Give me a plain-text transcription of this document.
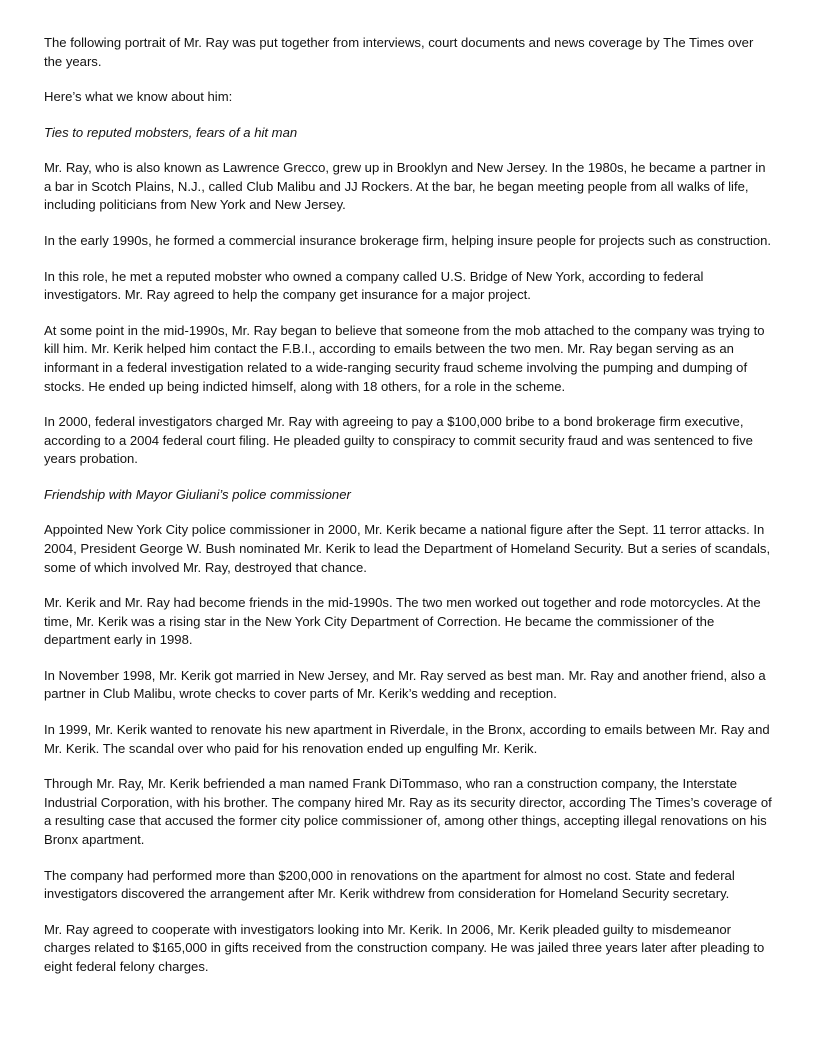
The following portrait of Mr. Ray was put together from interviews, court documents and news coverage by The Times over the years.

Here’s what we know about him:

Ties to reputed mobsters, fears of a hit man

Mr. Ray, who is also known as Lawrence Grecco, grew up in Brooklyn and New Jersey. In the 1980s, he became a partner in a bar in Scotch Plains, N.J., called Club Malibu and JJ Rockers. At the bar, he began meeting people from all walks of life, including politicians from New York and New Jersey.

In the early 1990s, he formed a commercial insurance brokerage firm, helping insure people for projects such as construction.

In this role, he met a reputed mobster who owned a company called U.S. Bridge of New York, according to federal investigators. Mr. Ray agreed to help the company get insurance for a major project.

At some point in the mid-1990s, Mr. Ray began to believe that someone from the mob attached to the company was trying to kill him. Mr. Kerik helped him contact the F.B.I., according to emails between the two men. Mr. Ray began serving as an informant in a federal investigation related to a wide-ranging security fraud scheme involving the pumping and dumping of stocks. He ended up being indicted himself, along with 18 others, for a role in the scheme.

In 2000, federal investigators charged Mr. Ray with agreeing to pay a $100,000 bribe to a bond brokerage firm executive, according to a 2004 federal court filing. He pleaded guilty to conspiracy to commit security fraud and was sentenced to five years probation.

Friendship with Mayor Giuliani’s police commissioner

Appointed New York City police commissioner in 2000, Mr. Kerik became a national figure after the Sept. 11 terror attacks. In 2004, President George W. Bush nominated Mr. Kerik to lead the Department of Homeland Security. But a series of scandals, some of which involved Mr. Ray, destroyed that chance.

Mr. Kerik and Mr. Ray had become friends in the mid-1990s. The two men worked out together and rode motorcycles. At the time, Mr. Kerik was a rising star in the New York City Department of Correction. He became the commissioner of the department early in 1998.

In November 1998, Mr. Kerik got married in New Jersey, and Mr. Ray served as best man. Mr. Ray and another friend, also a partner in Club Malibu, wrote checks to cover parts of Mr. Kerik’s wedding and reception.

In 1999, Mr. Kerik wanted to renovate his new apartment in Riverdale, in the Bronx, according to emails between Mr. Ray and Mr. Kerik. The scandal over who paid for his renovation ended up engulfing Mr. Kerik.

Through Mr. Ray, Mr. Kerik befriended a man named Frank DiTommaso, who ran a construction company, the Interstate Industrial Corporation, with his brother. The company hired Mr. Ray as its security director, according The Times’s coverage of a resulting case that accused the former city police commissioner of, among other things, accepting illegal renovations on his Bronx apartment.

The company had performed more than $200,000 in renovations on the apartment for almost no cost. State and federal investigators discovered the arrangement after Mr. Kerik withdrew from consideration for Homeland Security secretary.

Mr. Ray agreed to cooperate with investigators looking into Mr. Kerik. In 2006, Mr. Kerik pleaded guilty to misdemeanor charges related to $165,000 in gifts received from the construction company. He was jailed three years later after pleading to eight federal felony charges.
